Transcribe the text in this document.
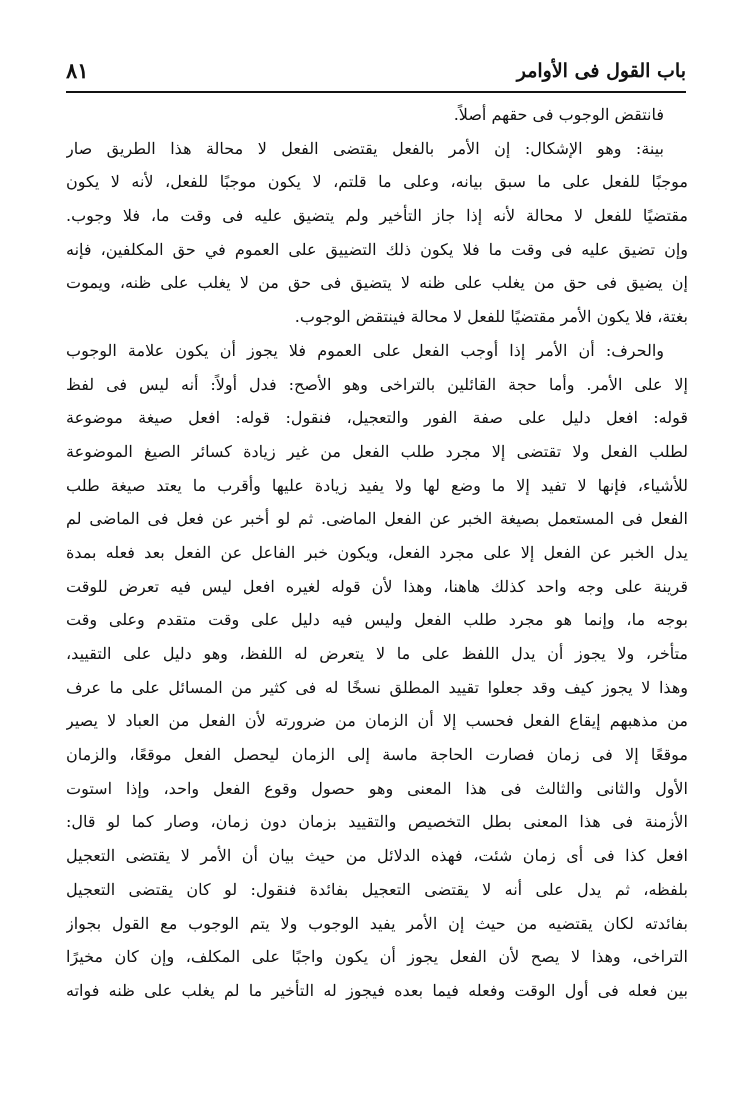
باب القول فى الأوامر
٨١
فانتقض الوجوب فى حقهم أصلاً.
بينة: وهو الإشكال: إن الأمر بالفعل يقتضى الفعل لا محالة هذا الطريق صار
موجبًا للفعل على ما سبق بيانه، وعلى ما قلتم، لا يكون موجبًا للفعل، لأنه لا يكون
مقتضيًا للفعل لا محالة لأنه إذا جاز التأخير ولم يتضيق عليه فى وقت ما، فلا وجوب.
وإن تضيق عليه فى وقت ما فلا يكون ذلك التضييق على العموم في حق المكلفين، فإنه
إن يضيق فى حق من يغلب على ظنه لا يتضيق فى حق من لا يغلب على ظنه، ويموت
بغتة، فلا يكون الأمر مقتضيًا للفعل لا محالة فينتقض الوجوب.
والحرف: أن الأمر إذا أوجب الفعل على العموم فلا يجوز أن يكون علامة الوجوب
إلا على الأمر. وأما حجة القائلين بالتراخى وهو الأصح: فدل أولاً: أنه ليس فى لفظ
قوله: افعل دليل على صفة الفور والتعجيل، فنقول: قوله: افعل صيغة موضوعة
لطلب الفعل ولا تقتضى إلا مجرد طلب الفعل من غير زيادة كسائر الصيغ الموضوعة
للأشياء، فإنها لا تفيد إلا ما وضع لها ولا يفيد زيادة عليها وأقرب ما يعتد صيغة طلب
الفعل فى المستعمل بصيغة الخبر عن الفعل الماضى. ثم لو أخبر عن فعل فى الماضى لم
يدل الخبر عن الفعل إلا على مجرد الفعل، ويكون خبر الفاعل عن الفعل بعد فعله بمدة
قرينة على وجه واحد كذلك هاهنا، وهذا لأن قوله لغيره افعل ليس فيه تعرض للوقت
بوجه ما، وإنما هو مجرد طلب الفعل وليس فيه دليل على وقت متقدم وعلى وقت
متأخر، ولا يجوز أن يدل اللفظ على ما لا يتعرض له اللفظ، وهو دليل على التقييد،
وهذا لا يجوز كيف وقد جعلوا تقييد المطلق نسخًا له فى كثير من المسائل على ما عرف
من مذهبهم إيقاع الفعل فحسب إلا أن الزمان من ضرورته لأن الفعل من العباد لا يصير
موقعًا إلا فى زمان فصارت الحاجة ماسة إلى الزمان ليحصل الفعل موقعًا، والزمان
الأول والثانى والثالث فى هذا المعنى وهو حصول وقوع الفعل واحد، وإذا استوت
الأزمنة فى هذا المعنى بطل التخصيص والتقييد بزمان دون زمان، وصار كما لو قال:
افعل كذا فى أى زمان شئت، فهذه الدلائل من حيث بيان أن الأمر لا يقتضى التعجيل
بلفظه، ثم يدل على أنه لا يقتضى التعجيل بفائدة فنقول: لو كان يقتضى التعجيل
بفائدته لكان يقتضيه من حيث إن الأمر يفيد الوجوب ولا يتم الوجوب مع القول بجواز
التراخى، وهذا لا يصح لأن الفعل يجوز أن يكون واجبًا على المكلف، وإن كان مخيرًا
بين فعله فى أول الوقت وفعله فيما بعده فيجوز له التأخير ما لم يغلب على ظنه فواته
